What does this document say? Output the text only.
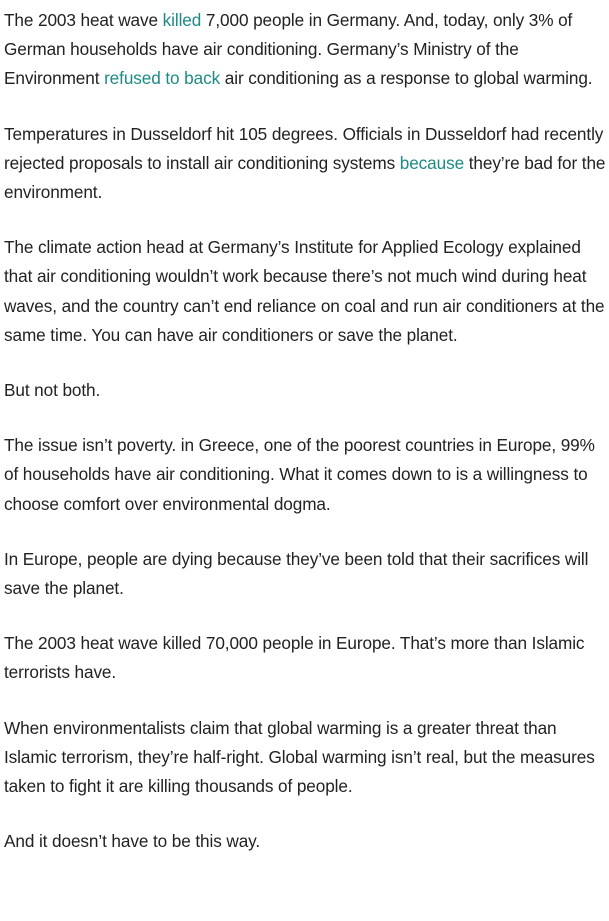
The 2003 heat wave killed 7,000 people in Germany. And, today, only 3% of German households have air conditioning. Germany’s Ministry of the Environment refused to back air conditioning as a response to global warming.

Temperatures in Dusseldorf hit 105 degrees. Officials in Dusseldorf had recently rejected proposals to install air conditioning systems because they’re bad for the environment.

The climate action head at Germany’s Institute for Applied Ecology explained that air conditioning wouldn’t work because there’s not much wind during heat waves, and the country can’t end reliance on coal and run air conditioners at the same time. You can have air conditioners or save the planet.

But not both.

The issue isn’t poverty. in Greece, one of the poorest countries in Europe, 99% of households have air conditioning. What it comes down to is a willingness to choose comfort over environmental dogma.

In Europe, people are dying because they’ve been told that their sacrifices will save the planet.

The 2003 heat wave killed 70,000 people in Europe. That’s more than Islamic terrorists have.

When environmentalists claim that global warming is a greater threat than Islamic terrorism, they’re half-right. Global warming isn’t real, but the measures taken to fight it are killing thousands of people.

And it doesn’t have to be this way.
